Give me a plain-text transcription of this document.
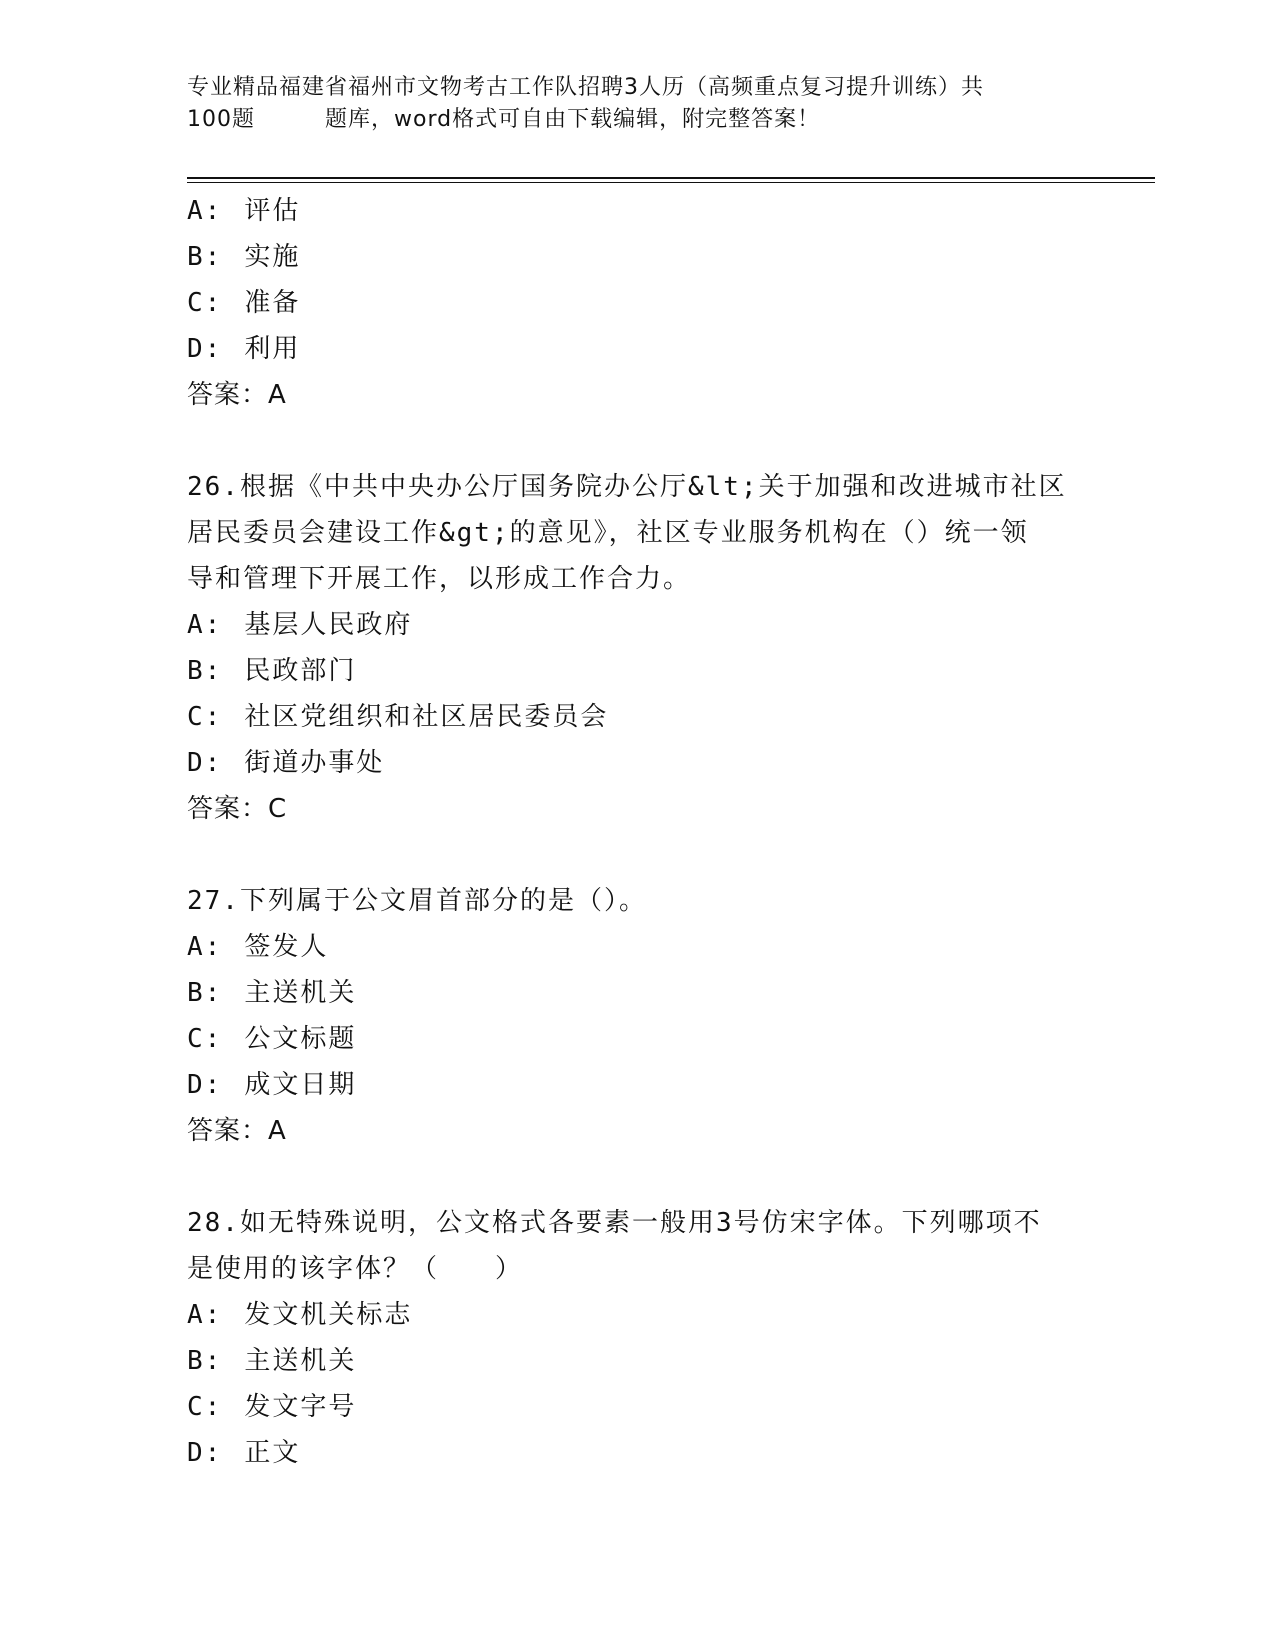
专业精品福建省福州市文物考古工作队招聘3人历（高频重点复习提升训练）共
100题	题库，word格式可自由下载编辑，附完整答案！
A: 评估
B: 实施
C: 准备
D: 利用
答案：A
26.根据《中共中央办公厅国务院办公厅&lt;关于加强和改进城市社区
居民委员会建设工作&gt;的意见》，社区专业服务机构在（）统一领
导和管理下开展工作，以形成工作合力。
A: 基层人民政府
B: 民政部门
C: 社区党组织和社区居民委员会
D: 街道办事处
答案：C
27.下列属于公文眉首部分的是（）。
A: 签发人
B: 主送机关
C: 公文标题
D: 成文日期
答案：A
28.如无特殊说明，公文格式各要素一般用3号仿宋字体。下列哪项不
是使用的该字体？（　　）
A: 发文机关标志
B: 主送机关
C: 发文字号
D: 正文
